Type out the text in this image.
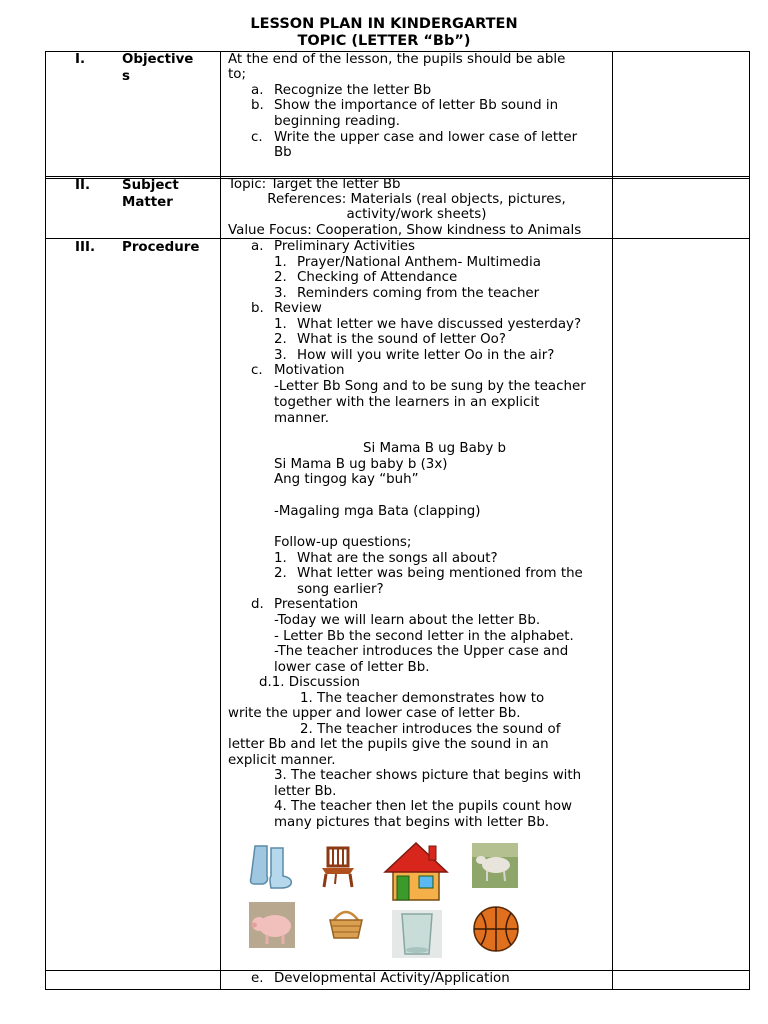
LESSON PLAN IN KINDERGARTEN
TOPIC (LETTER “Bb”)
I.	Objective
s
At the end of the lesson, the pupils should be able
to;
a. Recognize the letter Bb
b. Show the importance of letter Bb sound in
beginning reading.
c. Write the upper case and lower case of letter
Bb
II. Subject
Matter
Topic: Target the letter Bb
References: Materials (real objects, pictures,
activity/work sheets)
Value Focus: Cooperation, Show kindness to Animals
III. Procedure	a. Preliminary Activities
1. Prayer/National Anthem- Multimedia
2. Checking of Attendance
3. Reminders coming from the teacher
b. Review
1. What letter we have discussed yesterday?
2. What is the sound of letter Oo?
3. How will you write letter Oo in the air?
c. Motivation
-Letter Bb Song and to be sung by the teacher
together with the learners in an explicit
manner.
Si Mama B ug Baby b
Si Mama B ug baby b (3x)
Ang tingog kay “buh”
-Magaling mga Bata (clapping)
Follow-up questions;
1. What are the songs all about?
2. What letter was being mentioned from the
song earlier?
d. Presentation
-Today we will learn about the letter Bb.
- Letter Bb the second letter in the alphabet.
-The teacher introduces the Upper case and
lower case of letter Bb.
d.1. Discussion
1. The teacher demonstrates how to
write the upper and lower case of letter Bb.
2. The teacher introduces the sound of
letter Bb and let the pupils give the sound in an
explicit manner.
3. The teacher shows picture that begins with
letter Bb.
4. The teacher then let the pupils count how
many pictures that begins with letter Bb.
e. Developmental Activity/Application
